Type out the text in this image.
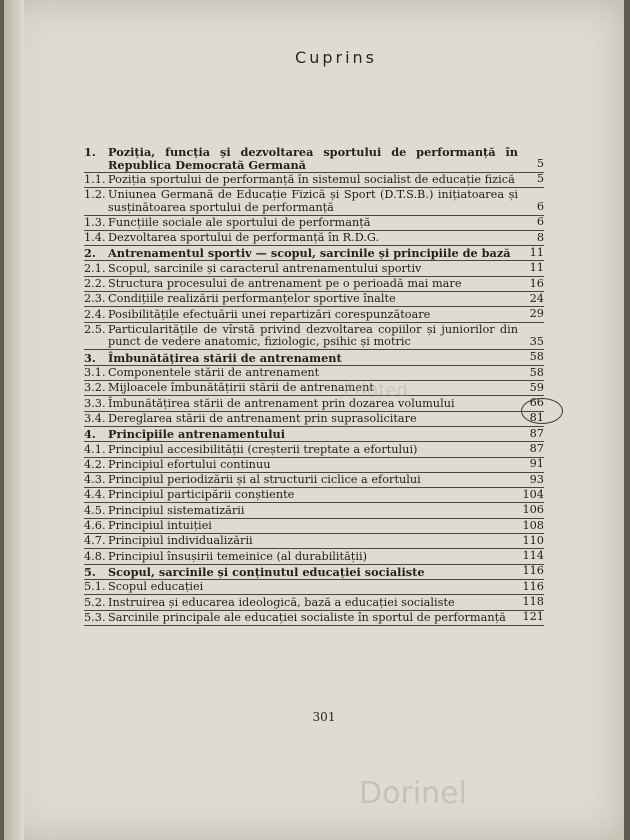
Cuprins
1. Poziția, funcția și dezvoltarea sportului de performanță în Republica Democrată Germană	5
1.1. Poziția sportului de performanță în sistemul socialist de educație fizică 5
1.2. Uniunea Germană de Educație Fizică și Sport (D.T.S.B.) inițiatoarea și susținătoarea sportului de performanță	6
1.3. Funcțiile sociale ale sportului de performanță	6
1.4. Dezvoltarea sportului de performanță în R.D.G.	8
2. Antrenamentul sportiv — scopul, sarcinile și principiile de bază	11
2.1. Scopul, sarcinile și caracterul antrenamentului sportiv	11
2.2. Structura procesului de antrenament pe o perioadă mai mare	16
2.3. Condițiile realizării performanțelor sportive înalte	24
2.4. Posibilitățile efectuării unei repartizări corespunzătoare	29
2.5. Particularitățile de vîrstă privind dezvoltarea copiilor și juniorilor din punct de vedere anatomic, fiziologic, psihic și motric	35
3. Îmbunătățirea stării de antrenament	58
3.1. Componentele stării de antrenament	58
3.2. Mijloacele îmbunătățirii stării de antrenament	59
3.3. Îmbunătățirea stării de antrenament prin dozarea volumului	66
3.4. Dereglarea stării de antrenament prin suprasolicitare	81
4. Principiile antrenamentului	87
4.1. Principiul accesibilității (creșterii treptate a efortului)	87
4.2. Principiul efortului continuu	91
4.3. Principiul periodizării și al structurii ciclice a efortului	93
4.4. Principiul participării conștiente	104
4.5. Principiul sistematizării	106
4.6. Principiul intuiției	108
4.7. Principiul individualizării	110
4.8. Principiul însușirii temeinice (al durabilității)	114
5. Scopul, sarcinile și conținutul educației socialiste	116
5.1. Scopul educației	116
5.2. Instruirea și educarea ideologică, bază a educației socialiste	118
5.3. Sarcinile principale ale educației socialiste în sportul de performanță	121
Printed
Dorinel
301
